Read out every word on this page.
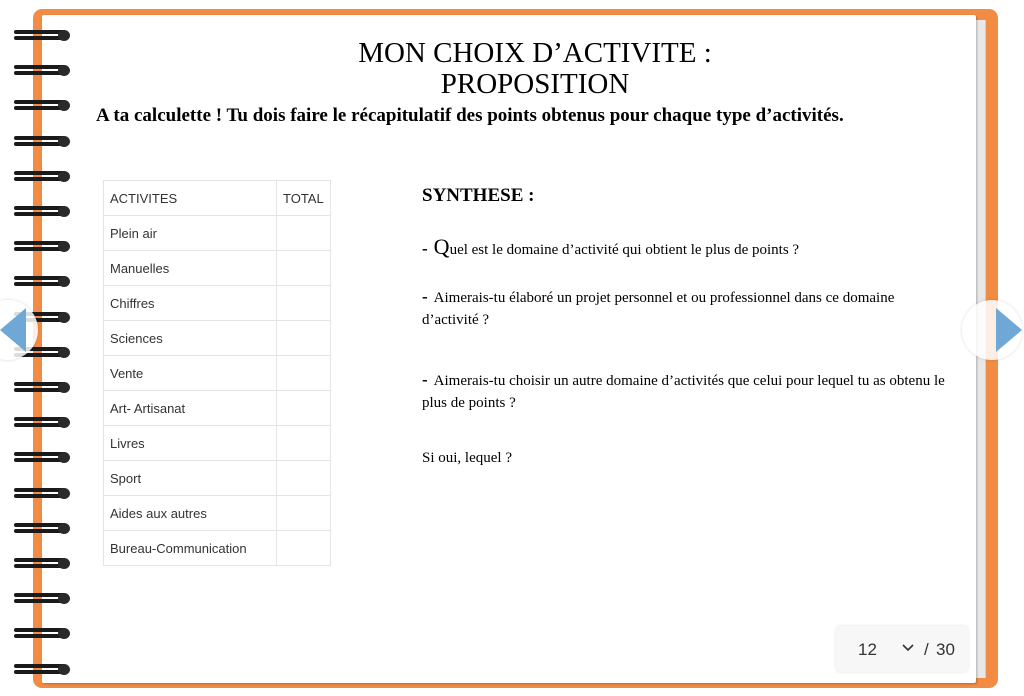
MON CHOIX D’ACTIVITE :
PROPOSITION
A ta calculette ! Tu dois faire le récapitulatif des points obtenus pour chaque type d’activités.
ACTIVITES	TOTAL
Plein air	
Manuelles	
Chiffres	
Sciences	
Vente	
Art- Artisanat	
Livres	
Sport	
Aides aux autres	
Bureau-Communication	
SYNTHESE :
- Quel est le domaine d’activité qui obtient le plus de points ?
- Aimerais-tu élaboré un projet personnel et ou professionnel dans ce domaine d’activité ?
- Aimerais-tu choisir un autre domaine d’activités que celui pour lequel tu as obtenu le plus de points ?
Si oui, lequel ?
12	/ 30
